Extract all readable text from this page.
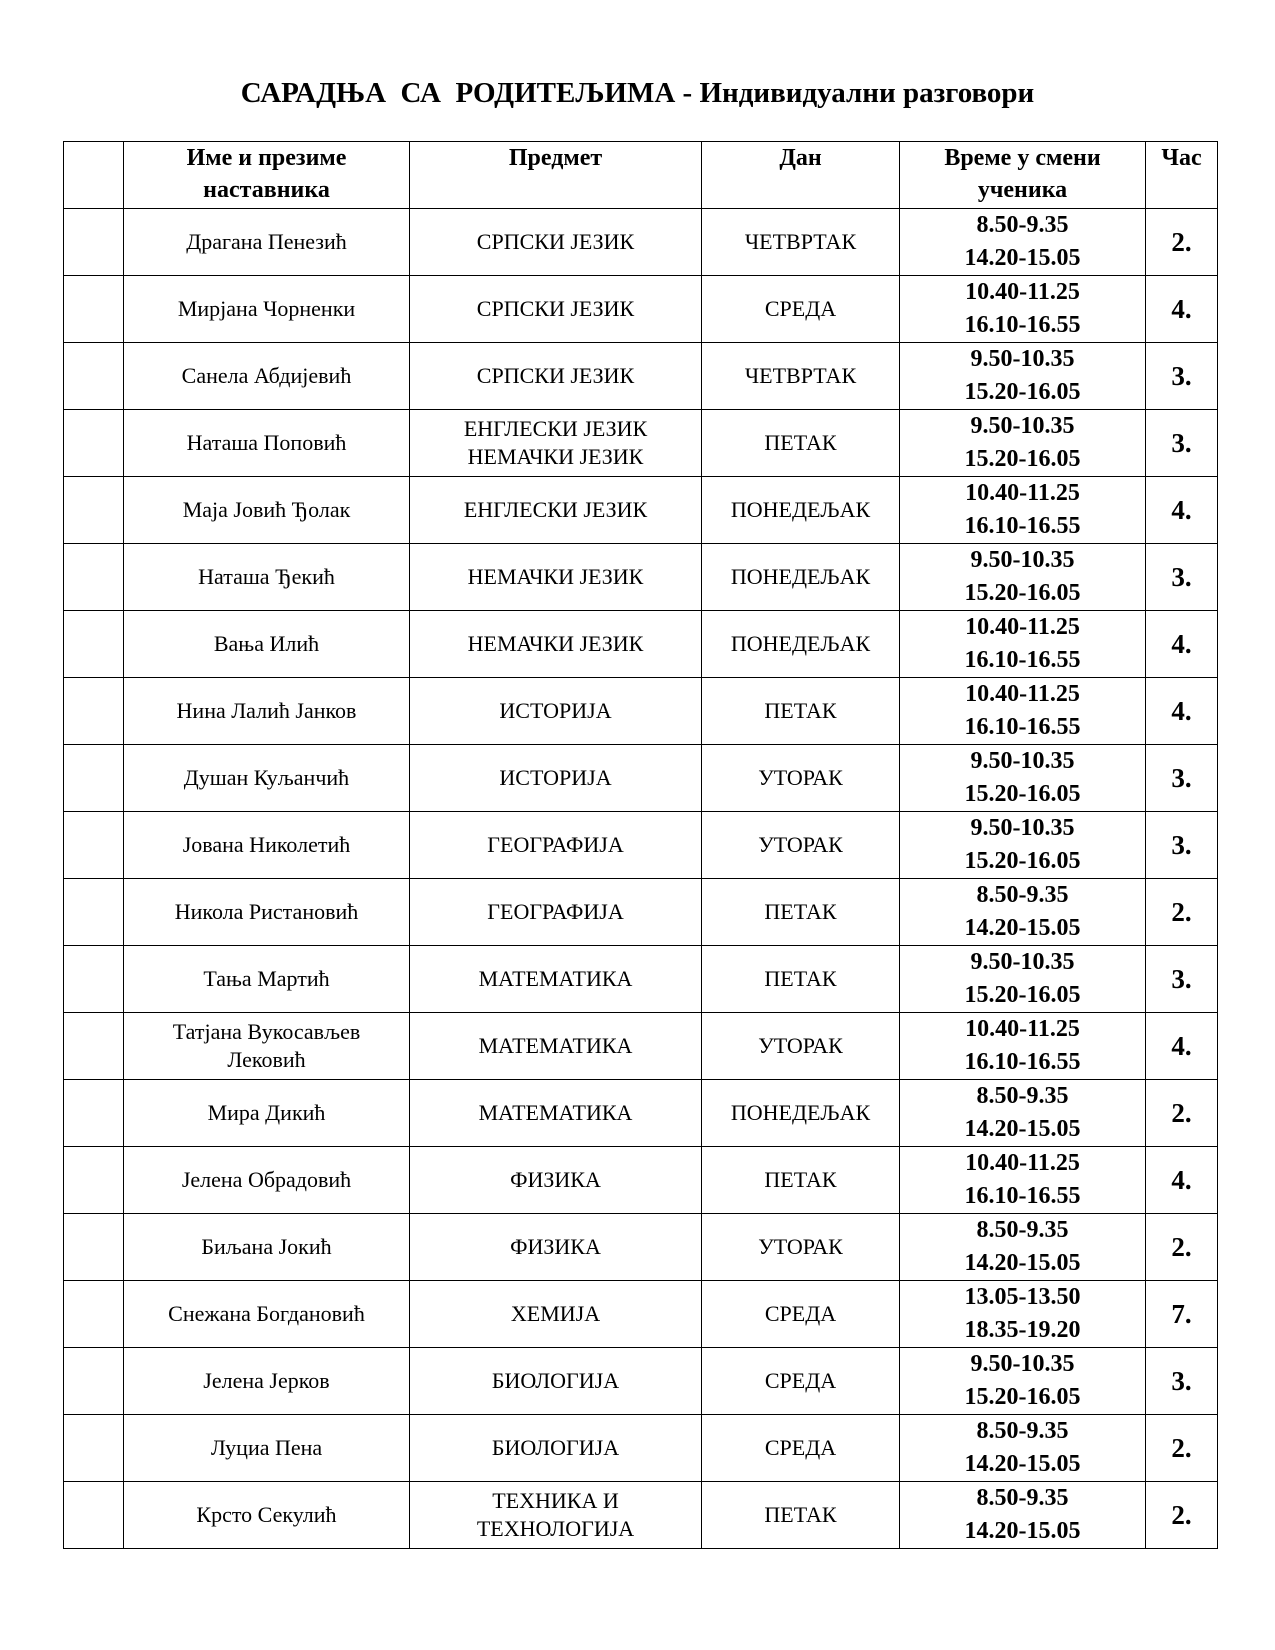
САРАДЊА  СА  РОДИТЕЉИМА - Индивидуални разговори
	Име и презиме наставника	Предмет	Дан	Време у смени ученика	Час

	Драгана Пенезић	СРПСКИ ЈЕЗИК	ЧЕТВРТАК	8.50-9.35
14.20-15.05	2.

	Мирјана Чорненки	СРПСКИ ЈЕЗИК	СРЕДА	10.40-11.25
16.10-16.55	4.

	Санела Абдијевић	СРПСКИ ЈЕЗИК	ЧЕТВРТАК	9.50-10.35
15.20-16.05	3.

	Наташа Поповић	ЕНГЛЕСКИ ЈЕЗИК
НЕМАЧКИ ЈЕЗИК	ПЕТАК	9.50-10.35
15.20-16.05	3.

	Маја Јовић Ђолак	ЕНГЛЕСКИ ЈЕЗИК	ПОНЕДЕЉАК	10.40-11.25
16.10-16.55	4.

	Наташа Ђекић	НЕМАЧКИ ЈЕЗИК	ПОНЕДЕЉАК	9.50-10.35
15.20-16.05	3.

	Вања Илић	НЕМАЧКИ ЈЕЗИК	ПОНЕДЕЉАК	10.40-11.25
16.10-16.55	4.

	Нина Лалић Јанков	ИСТОРИЈА	ПЕТАК	10.40-11.25
16.10-16.55	4.

	Душан Куљанчић	ИСТОРИЈА	УТОРАК	9.50-10.35
15.20-16.05	3.

	Јована Николетић	ГЕОГРАФИЈА	УТОРАК	9.50-10.35
15.20-16.05	3.

	Никола Ристановић	ГЕОГРАФИЈА	ПЕТАК	8.50-9.35
14.20-15.05	2.

	Тања Мартић	МАТЕМАТИКА	ПЕТАК	9.50-10.35
15.20-16.05	3.

	Татјана Вукосављев
Лековић	МАТЕМАТИКА	УТОРАК	10.40-11.25
16.10-16.55	4.

	Мира Дикић	МАТЕМАТИКА	ПОНЕДЕЉАК	8.50-9.35
14.20-15.05	2.

	Јелена Обрадовић	ФИЗИКА	ПЕТАК	10.40-11.25
16.10-16.55	4.

	Биљана Јокић	ФИЗИКА	УТОРАК	8.50-9.35
14.20-15.05	2.

	Снежана Богдановић	ХЕМИЈА	СРЕДА	13.05-13.50
18.35-19.20	7.

	Јелена Јерков	БИОЛОГИЈА	СРЕДА	9.50-10.35
15.20-16.05	3.

	Луциа Пена	БИОЛОГИЈА	СРЕДА	8.50-9.35
14.20-15.05	2.

	Крсто Секулић	ТЕХНИКА И
ТЕХНОЛОГИЈА	ПЕТАК	8.50-9.35
14.20-15.05	2.
